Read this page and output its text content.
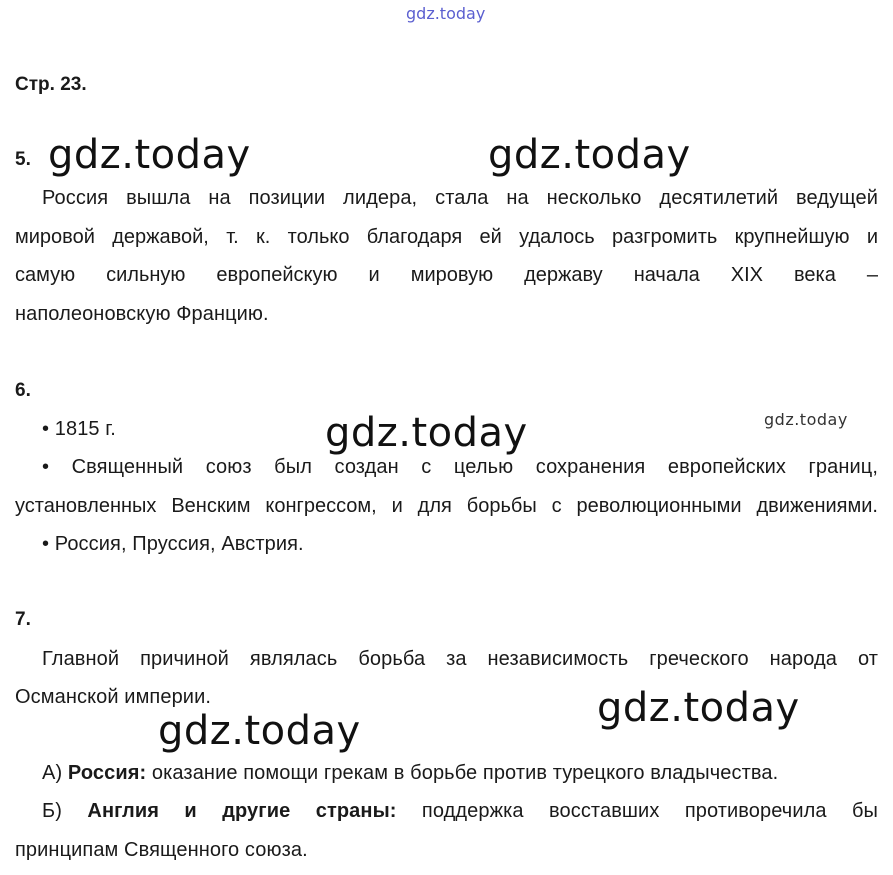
gdz.today
gdz.today	gdz.today
gdz.today	gdz.today
gdz.today
gdz.today
Стр. 23.
5.
Россия вышла на позиции лидера, стала на несколько десятилетий ведущей
мировой державой, т. к. только благодаря ей удалось разгромить крупнейшую и
самую сильную европейскую и мировую державу начала XIX века –
наполеоновскую Францию.
6.
• 1815 г.
• Священный союз был создан с целью сохранения европейских границ,
установленных Венским конгрессом, и для борьбы с революционными движениями.
• Россия, Пруссия, Австрия.
7.
Главной причиной являлась борьба за независимость греческого народа от
Османской империи.
А) Россия: оказание помощи грекам в борьбе против турецкого владычества.
Б) Англия и другие страны: поддержка восставших противоречила бы
принципам Священного союза.
